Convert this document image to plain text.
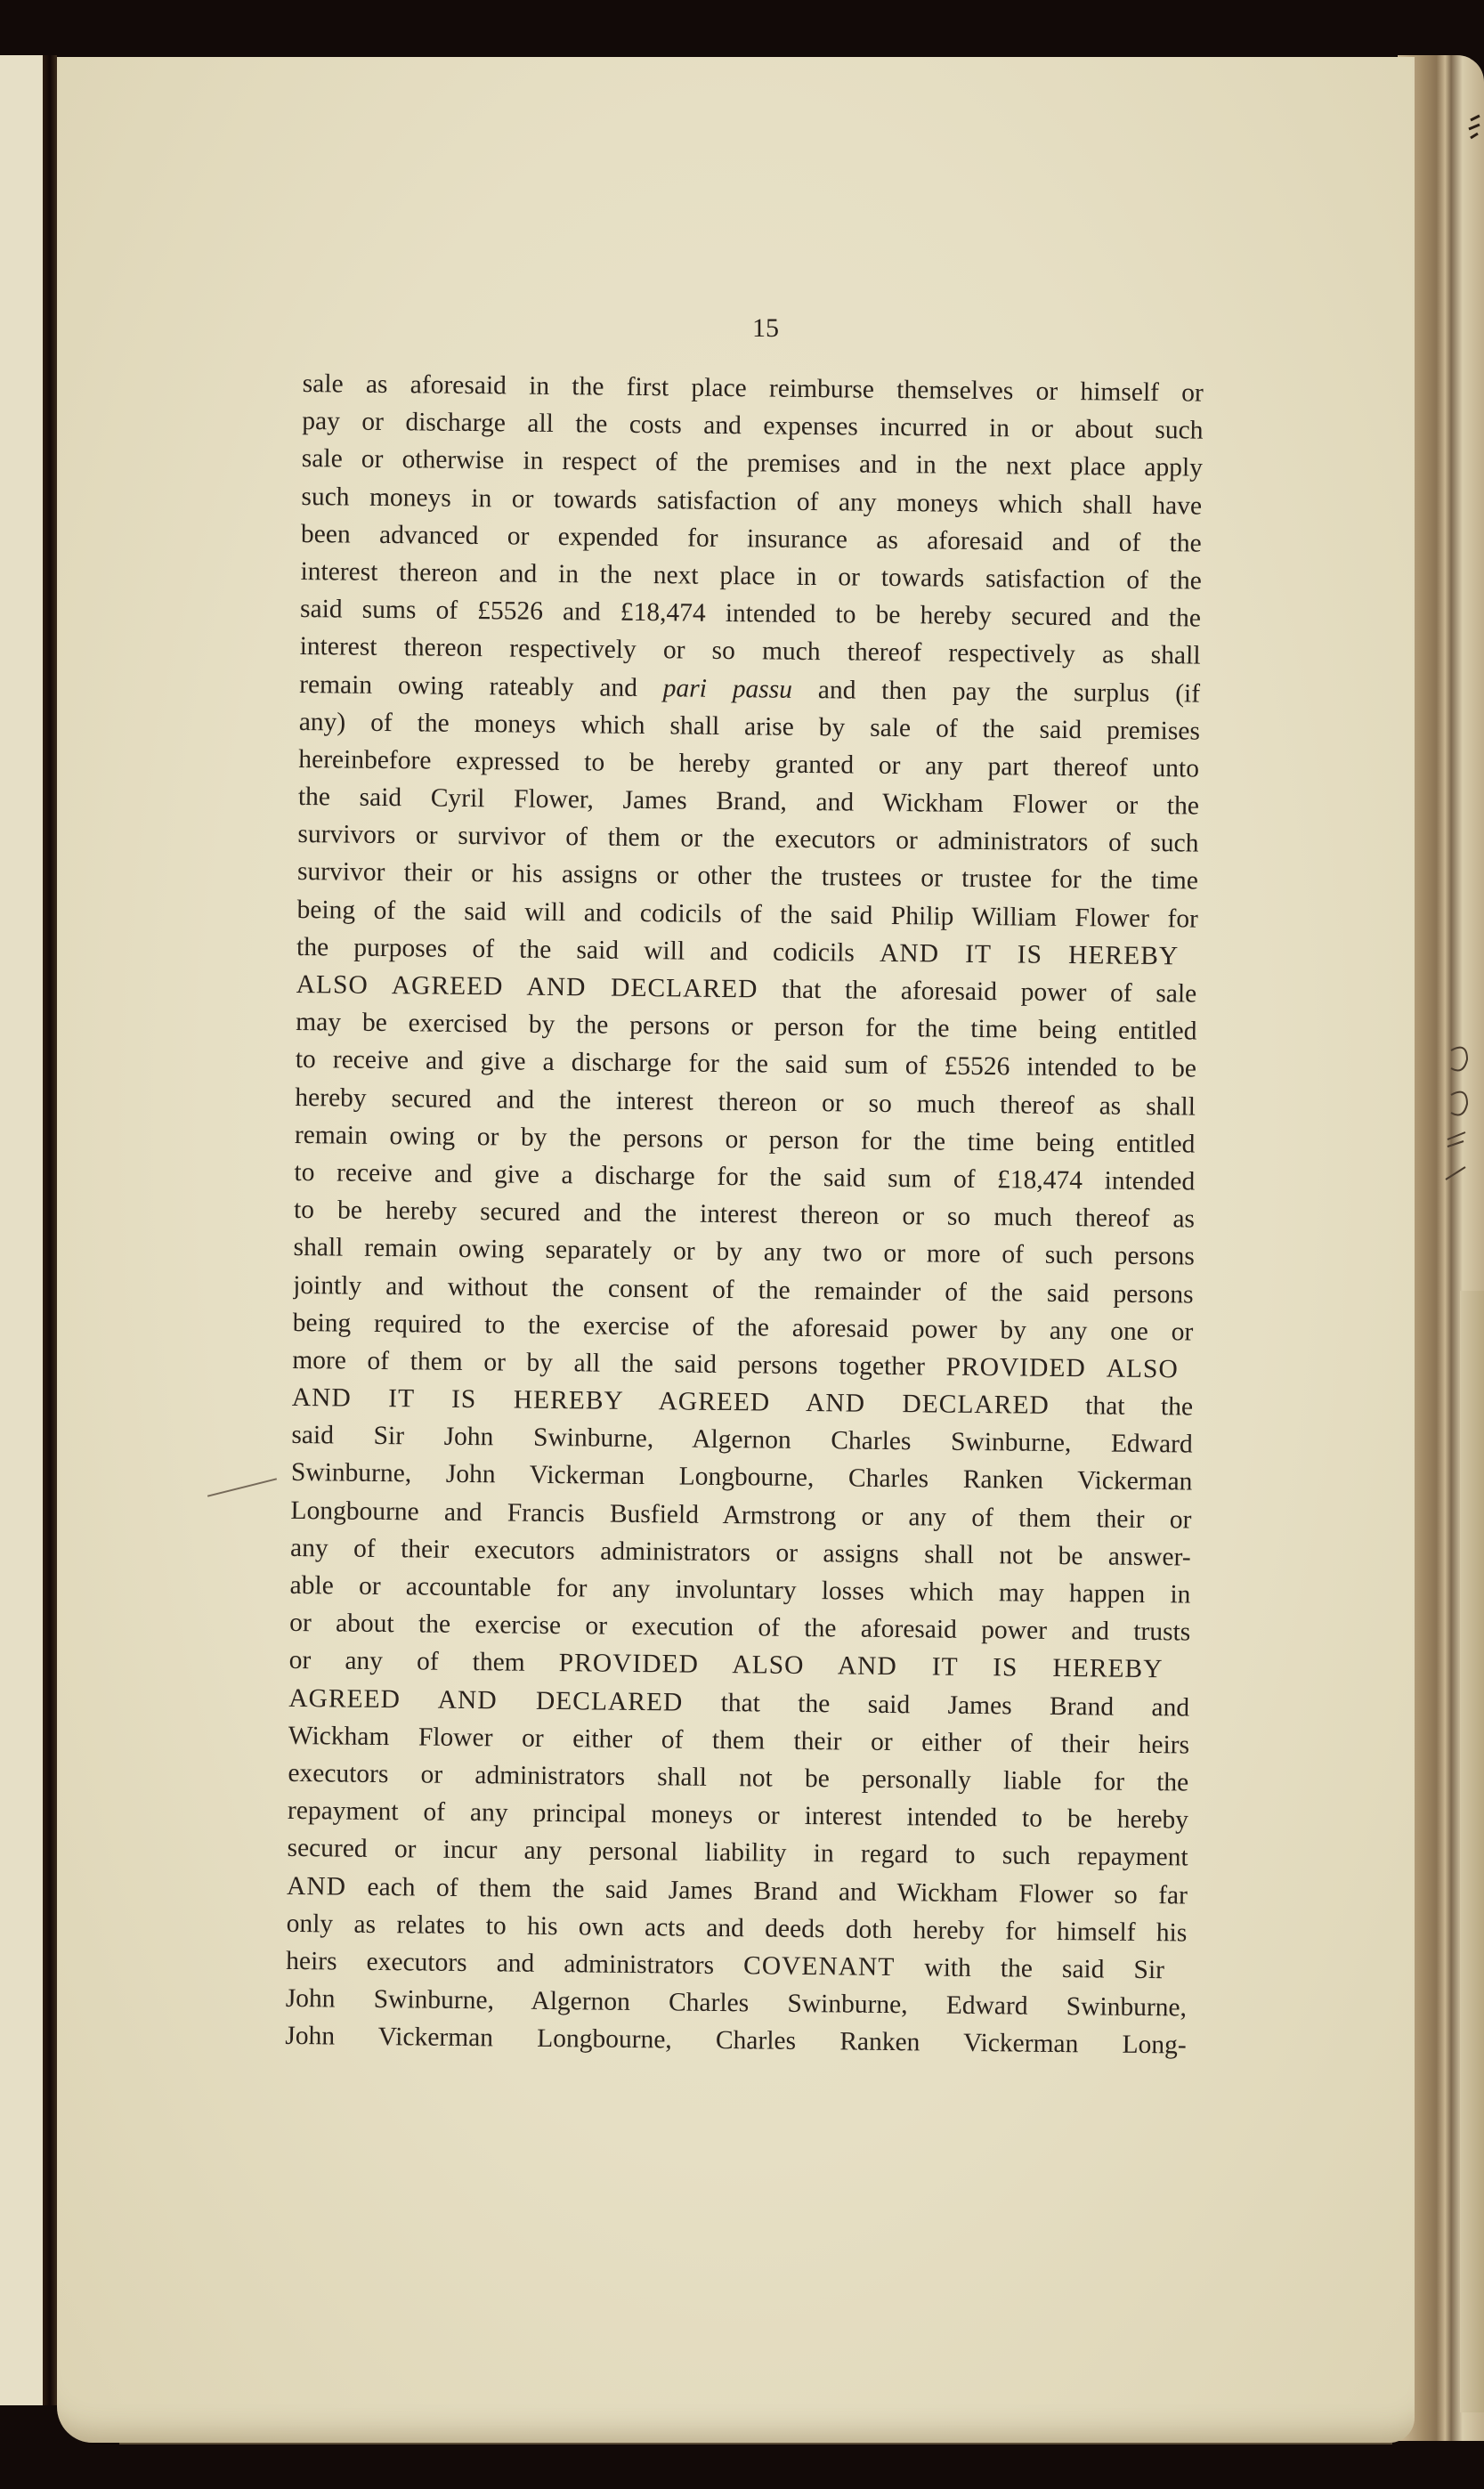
15
sale as aforesaid in the first place reimburse themselves or himself or
pay or discharge all the costs and expenses incurred in or about such
sale or otherwise in respect of the premises and in the next place apply
such moneys in or towards satisfaction of any moneys which shall have
been advanced or expended for insurance as aforesaid and of the
interest thereon and in the next place in or towards satisfaction of the
said sums of £5526 and £18,474 intended to be hereby secured and the
interest thereon respectively or so much thereof respectively as shall
remain owing rateably and pari passu and then pay the surplus (if
any) of the moneys which shall arise by sale of the said premises
hereinbefore expressed to be hereby granted or any part thereof unto
the said Cyril Flower, James Brand, and Wickham Flower or the
survivors or survivor of them or the executors or administrators of such
survivor their or his assigns or other the trustees or trustee for the time
being of the said will and codicils of the said Philip William Flower for
the purposes of the said will and codicils AND IT IS HEREBY
ALSO AGREED AND DECLARED that the aforesaid power of sale
may be exercised by the persons or person for the time being entitled
to receive and give a discharge for the said sum of £5526 intended to be
hereby secured and the interest thereon or so much thereof as shall
remain owing or by the persons or person for the time being entitled
to receive and give a discharge for the said sum of £18,474 intended
to be hereby secured and the interest thereon or so much thereof as
shall remain owing separately or by any two or more of such persons
jointly and without the consent of the remainder of the said persons
being required to the exercise of the aforesaid power by any one or
more of them or by all the said persons together PROVIDED ALSO
AND IT IS HEREBY AGREED AND DECLARED that the
said Sir John Swinburne, Algernon Charles Swinburne, Edward
Swinburne, John Vickerman Longbourne, Charles Ranken Vickerman
Longbourne and Francis Busfield Armstrong or any of them their or
any of their executors administrators or assigns shall not be answer-
able or accountable for any involuntary losses which may happen in
or about the exercise or execution of the aforesaid power and trusts
or any of them PROVIDED ALSO AND IT IS HEREBY
AGREED AND DECLARED that the said James Brand and
Wickham Flower or either of them their or either of their heirs
executors or administrators shall not be personally liable for the
repayment of any principal moneys or interest intended to be hereby
secured or incur any personal liability in regard to such repayment
AND each of them the said James Brand and Wickham Flower so far
only as relates to his own acts and deeds doth hereby for himself his
heirs executors and administrators COVENANT with the said Sir
John Swinburne, Algernon Charles Swinburne, Edward Swinburne,
John Vickerman Longbourne, Charles Ranken Vickerman Long-
